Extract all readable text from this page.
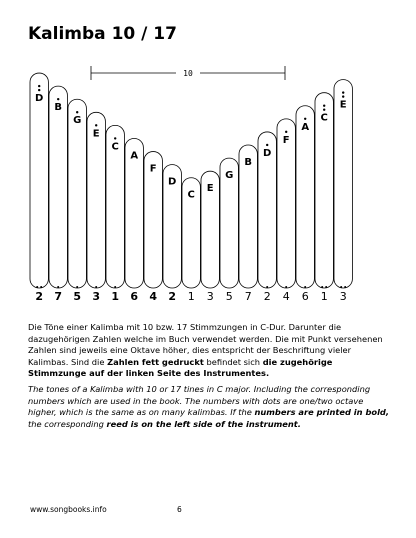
Kalimba 10 / 17
10
D
B
G
E
C
A
F
D
C
E
G
B
D
F
A
C
E
2 7 5 3 1 6 4 2 1 3 5 7 2 4 6 1 3
Die Töne einer Kalimba mit 10 bzw. 17 Stimmzungen in C-Dur. Darunter die dazugehörigen Zahlen welche im Buch verwendet werden. Die mit Punkt versehenen Zahlen sind jeweils eine Oktave höher, dies entspricht der Beschriftung vieler Kalimbas. Sind die Zahlen fett gedruckt befindet sich die zugehörige Stimmzunge auf der linken Seite des Instrumentes.
The tones of a Kalimba with 10 or 17 tines in C major. Including the corresponding numbers which are used in the book. The numbers with dots are one/two octave higher, which is the same as on many kalimbas. If the numbers are printed in bold, the corresponding reed is on the left side of the instrument.
www.songbooks.info	6
